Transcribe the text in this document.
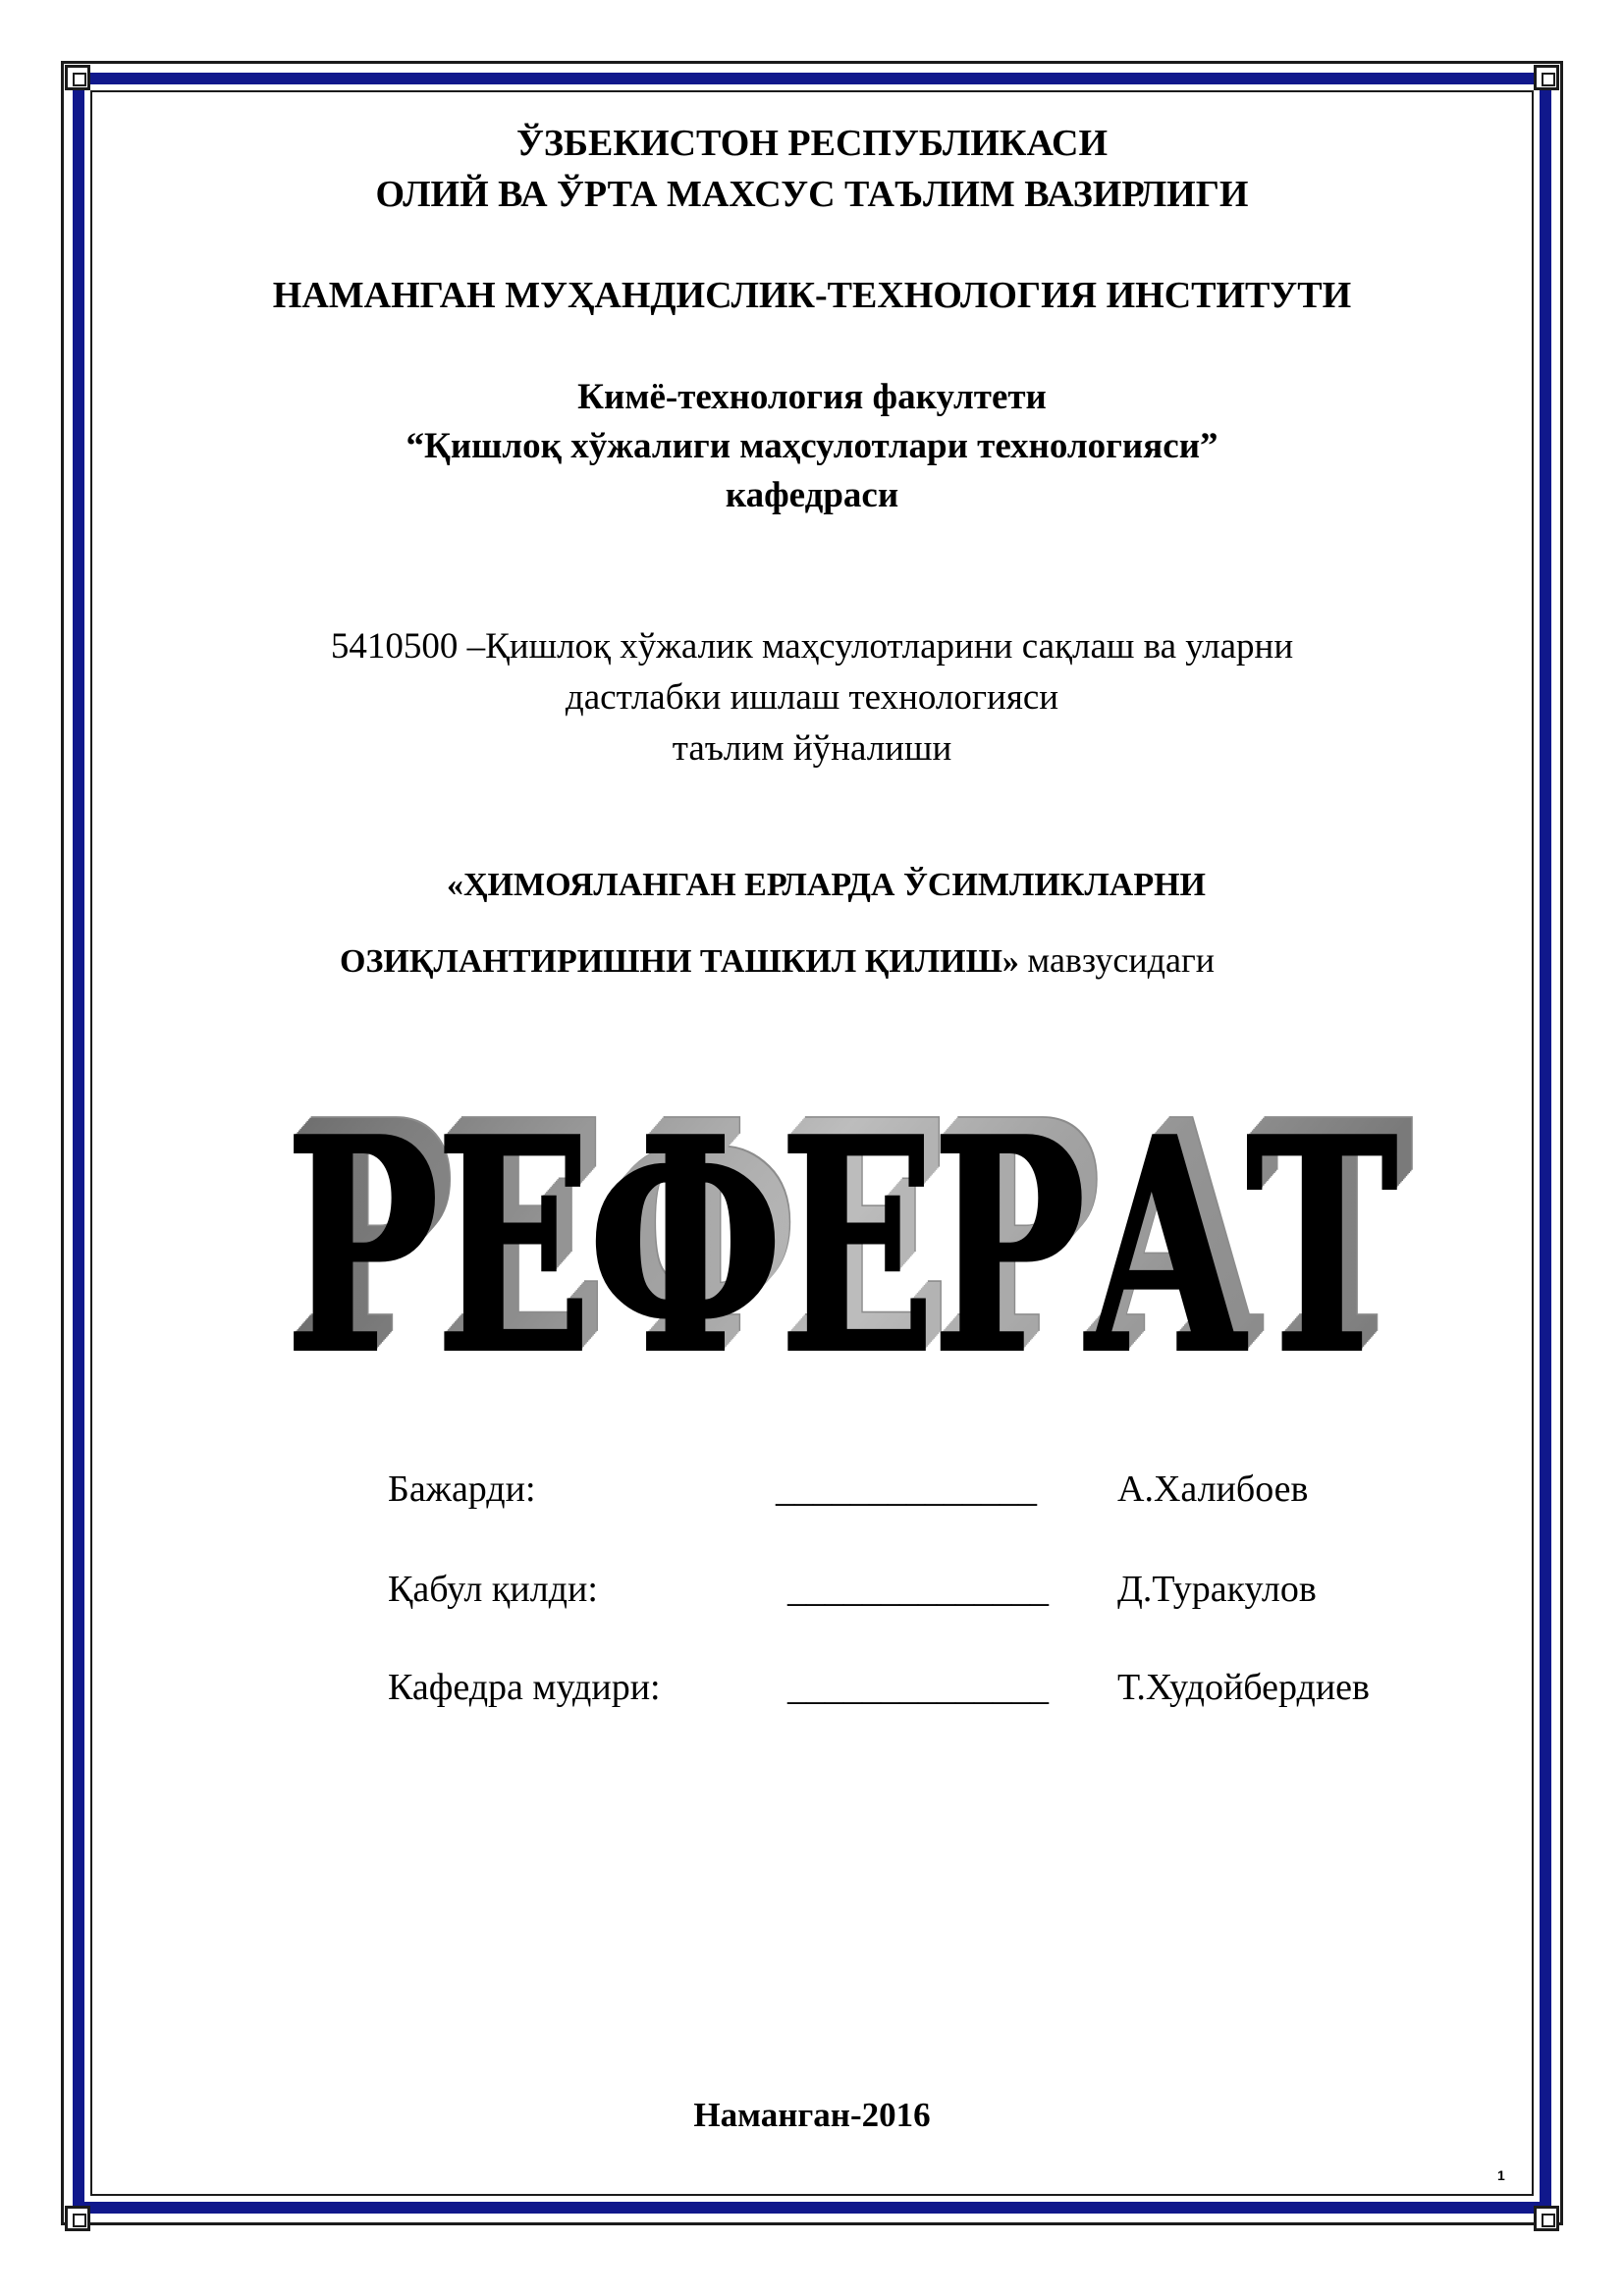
ЎЗБЕКИСТОН РЕСПУБЛИКАСИ
ОЛИЙ ВА ЎРТА МАХСУС ТАЪЛИМ ВАЗИРЛИГИ
НАМАНГАН МУҲАНДИСЛИК-ТЕХНОЛОГИЯ ИНСТИТУТИ
Кимё-технология факултети
“Қишлоқ хўжалиги маҳсулотлари технологияси”
кафедраси
5410500 –Қишлоқ хўжалик маҳсулотларини сақлаш ва уларни
дастлабки ишлаш технологияси
таълим йўналиши
«ҲИМОЯЛАНГАН ЕРЛАРДА ЎСИМЛИКЛАРНИ
ОЗИҚЛАНТИРИШНИ ТАШКИЛ ҚИЛИШ» мавзусидаги
РЕФЕРАТ
РЕФЕРАТ
РЕФЕРАТ
РЕФЕРАТ
РЕФЕРАТ
РЕФЕРАТ
РЕФЕРАТ
РЕФЕРАТ
РЕФЕРАТ
РЕФЕРАТ
РЕФЕРАТ
РЕФЕРАТ
РЕФЕРАТ
Бажарди:	______________ А.Халибоев
Қабул қилди:	______________ Д.Туракулов
Кафедра мудири:	______________ Т.Худойбердиев
Наманган-2016
1
